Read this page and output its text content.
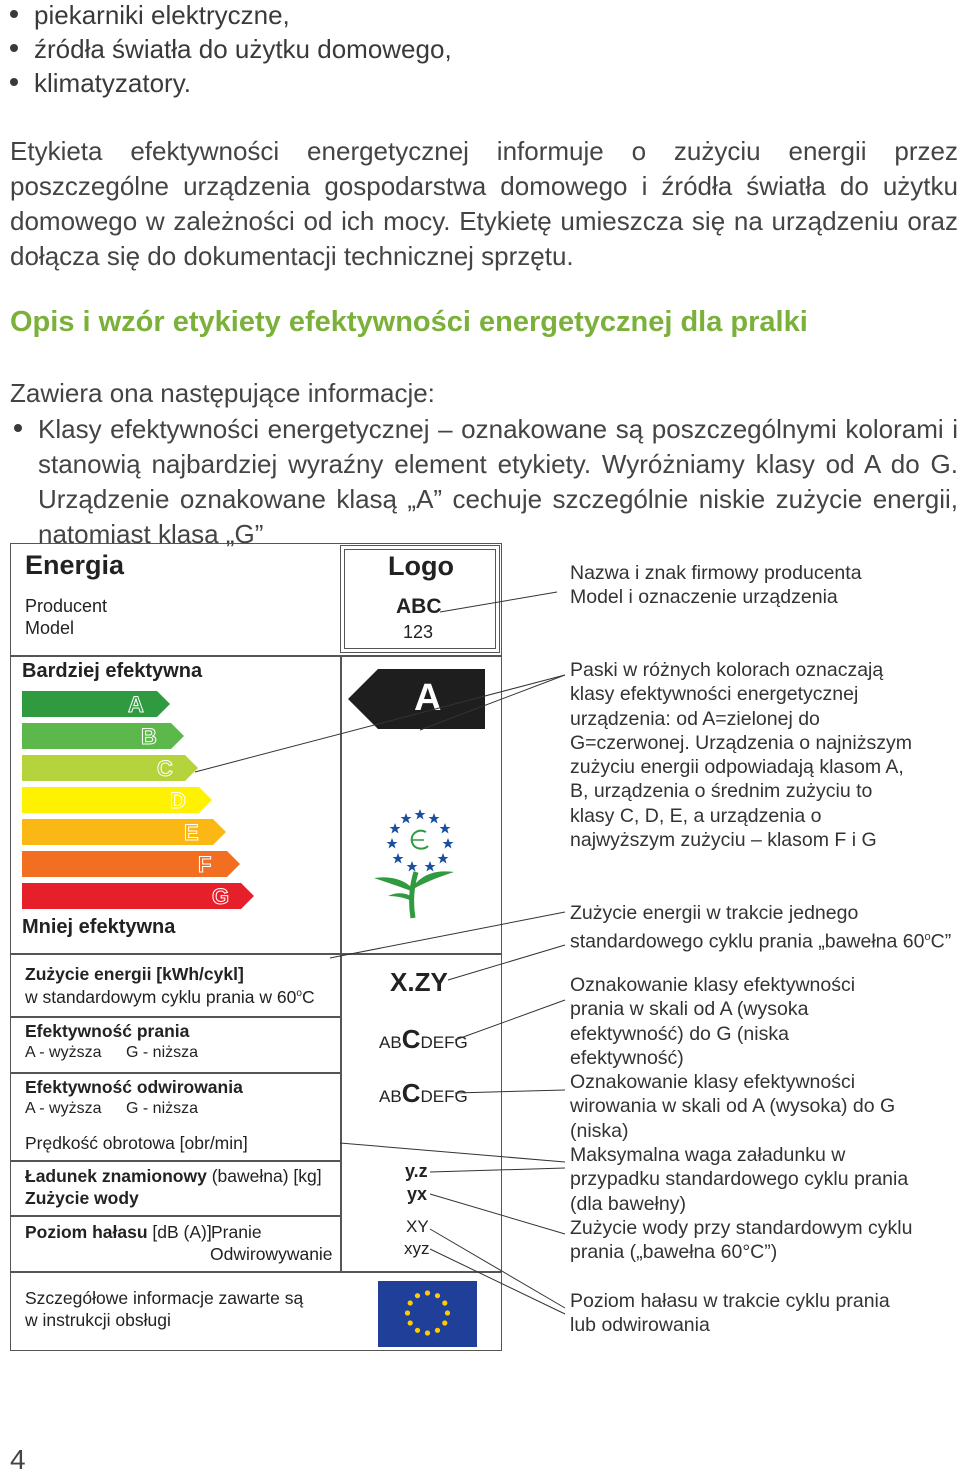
piekarniki elektryczne,
źródła światła do użytku domowego,
klimatyzatory.
Etykieta efektywności energetycznej informuje o zużyciu energii przez poszczególne urządzenia gospodarstwa domowego i źródła światła do użytku domowego w zależności od ich mocy. Etykietę umieszcza się na urządzeniu oraz dołącza się do dokumentacji technicznej sprzętu.
Opis i wzór etykiety efektywności energetycznej dla pralki
Zawiera ona następujące informacje:
Klasy efektywności energetycznej – oznakowane są poszczególnymi kolorami i stanowią najbardziej wyraźny element etykiety. Wyróżniamy klasy od A do G. Urządzenie oznakowane klasą „A” cechuje szczególnie niskie zużycie energii, natomiast klasa „G”
Energia
Producent
Model
Logo
ABC
123
Bardziej efektywna
Mniej efektywna
A
B
C
D
E
F
G
A
Zużycie energii [kWh/cykl]
w standardowym cyklu prania w 60$^o$C	X.ZY
Efektywność prania
A - wyższa G - niższa
ABCDEFG
Efektywność odwirowania
A - wyższa G - niższa
ABCDEFG
Prędkość obrotowa [obr/min]
Ładunek znamionowy (bawełna) [kg]
Zużycie wody
y.z
yx
Poziom hałasu [dB (A)] Pranie
Odwirowywanie
XY
xyz
Szczegółowe informacje zawarte są
w instrukcji obsługi
Nazwa i znak firmowy producenta
Model i oznaczenie urządzenia
Paski w różnych kolorach oznaczają klasy efektywności energetycznej urządzenia: od A=zielonej do G=czerwonej. Urządzenia o najniższym zużyciu energii odpowiadają klasom A, B, urządzenia o średnim zużyciu to klasy C, D, E, a urządzenia o najwyższym zużyciu – klasom F i G
Zużycie energii w trakcie jednego standardowego cyklu prania „bawełna 60$^o$C”
Oznakowanie klasy efektywności prania w skali od A (wysoka efektywność) do G (niska efektywność)
Oznakowanie klasy efektywności wirowania w skali od A (wysoka) do G (niska)
Maksymalna waga załadunku w przypadku standardowego cyklu prania (dla bawełny)
Zużycie wody przy standardowym cyklu prania („bawełna 60°C”)
Poziom hałasu w trakcie cyklu prania lub odwirowania
4
